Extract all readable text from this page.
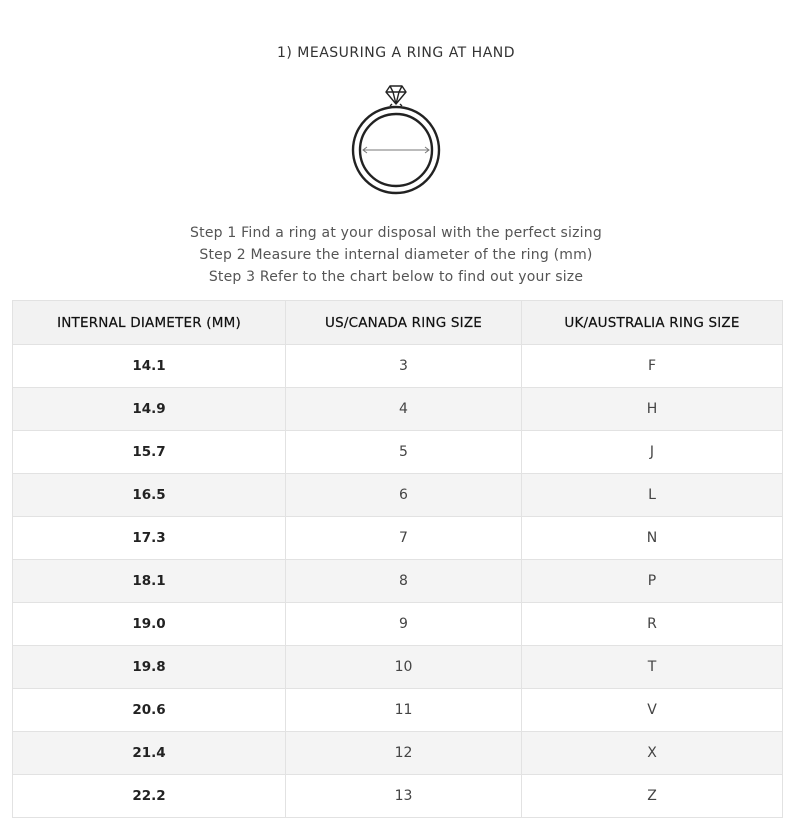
1) MEASURING A RING AT HAND
Step 1 Find a ring at your disposal with the perfect sizing
Step 2 Measure the internal diameter of the ring (mm)
Step 3 Refer to the chart below to find out your size
INTERNAL DIAMETER (MM)	US/CANADA RING SIZE	UK/AUSTRALIA RING SIZE
14.1	3	F
14.9	4	H
15.7	5	J
16.5	6	L
17.3	7	N
18.1	8	P
19.0	9	R
19.8	10	T
20.6	11	V
21.4	12	X
22.2	13	Z
